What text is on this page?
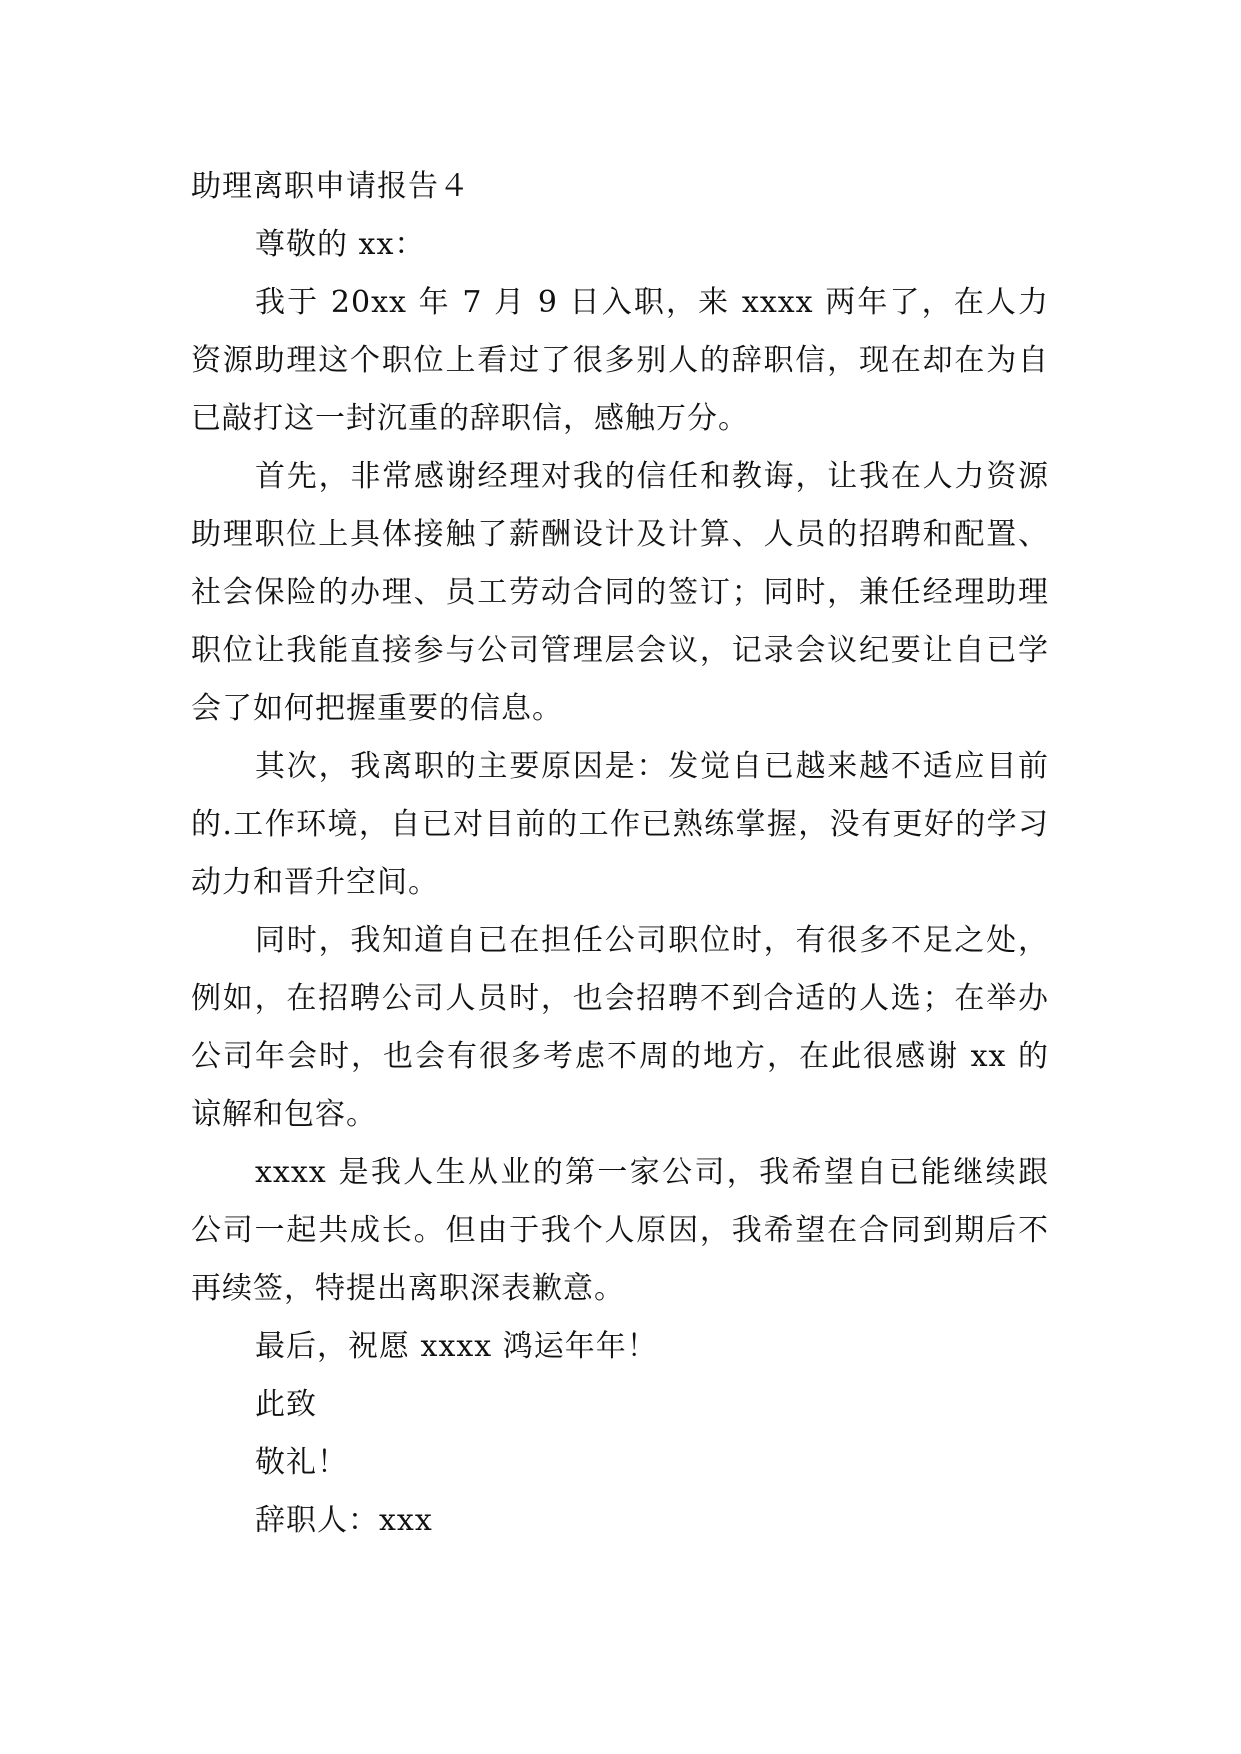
助理离职申请报告４

尊敬的 xx：

我于 20xx 年 7 月 9 日入职，来 xxxx 两年了，在人力资源助理这个职位上看过了很多别人的辞职信，现在却在为自已敲打这一封沉重的辞职信，感触万分。

首先，非常感谢经理对我的信任和教诲，让我在人力资源助理职位上具体接触了薪酬设计及计算、人员的招聘和配置、社会保险的办理、员工劳动合同的签订；同时，兼任经理助理职位让我能直接参与公司管理层会议，记录会议纪要让自已学会了如何把握重要的信息。

其次，我离职的主要原因是：发觉自已越来越不适应目前的.工作环境，自已对目前的工作已熟练掌握，没有更好的学习动力和晋升空间。

同时，我知道自已在担任公司职位时，有很多不足之处，例如，在招聘公司人员时，也会招聘不到合适的人选；在举办公司年会时，也会有很多考虑不周的地方，在此很感谢 xx 的谅解和包容。

xxxx 是我人生从业的第一家公司，我希望自已能继续跟公司一起共成长。但由于我个人原因，我希望在合同到期后不再续签，特提出离职深表歉意。

最后，祝愿 xxxx 鸿运年年！

此致

敬礼！

辞职人：xxx
